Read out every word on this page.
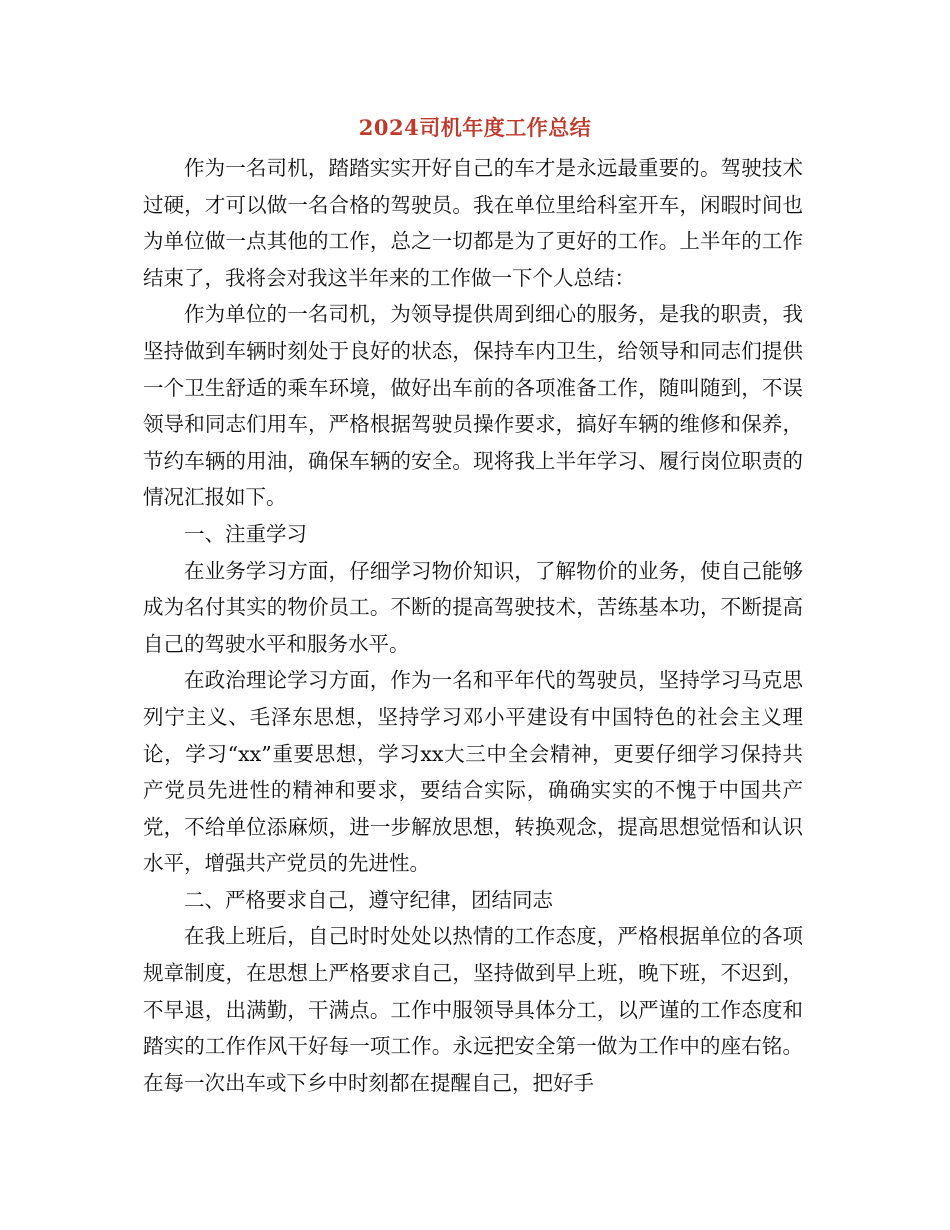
2024司机年度工作总结

作为一名司机，踏踏实实开好自己的车才是永远最重要的。驾驶技术过硬，才可以做一名合格的驾驶员。我在单位里给科室开车，闲暇时间也为单位做一点其他的工作，总之一切都是为了更好的工作。上半年的工作结束了，我将会对我这半年来的工作做一下个人总结：

作为单位的一名司机，为领导提供周到细心的服务，是我的职责，我坚持做到车辆时刻处于良好的状态，保持车内卫生，给领导和同志们提供一个卫生舒适的乘车环境，做好出车前的各项准备工作，随叫随到，不误领导和同志们用车，严格根据驾驶员操作要求，搞好车辆的维修和保养，节约车辆的用油，确保车辆的安全。现将我上半年学习、履行岗位职责的情况汇报如下。

一、注重学习

在业务学习方面，仔细学习物价知识，了解物价的业务，使自己能够成为名付其实的物价员工。不断的提高驾驶技术，苦练基本功，不断提高自己的驾驶水平和服务水平。

在政治理论学习方面，作为一名和平年代的驾驶员，坚持学习马克思列宁主义、毛泽东思想，坚持学习邓小平建设有中国特色的社会主义理论，学习“xx”重要思想，学习xx大三中全会精神，更要仔细学习保持共产党员先进性的精神和要求，要结合实际，确确实实的不愧于中国共产党，不给单位添麻烦，进一步解放思想，转换观念，提高思想觉悟和认识水平，增强共产党员的先进性。

二、严格要求自己，遵守纪律，团结同志

在我上班后，自己时时处处以热情的工作态度，严格根据单位的各项规章制度，在思想上严格要求自己，坚持做到早上班，晚下班，不迟到，不早退，出满勤，干满点。工作中服领导具体分工，以严谨的工作态度和踏实的工作作风干好每一项工作。永远把安全第一做为工作中的座右铭。在每一次出车或下乡中时刻都在提醒自己，把好手
